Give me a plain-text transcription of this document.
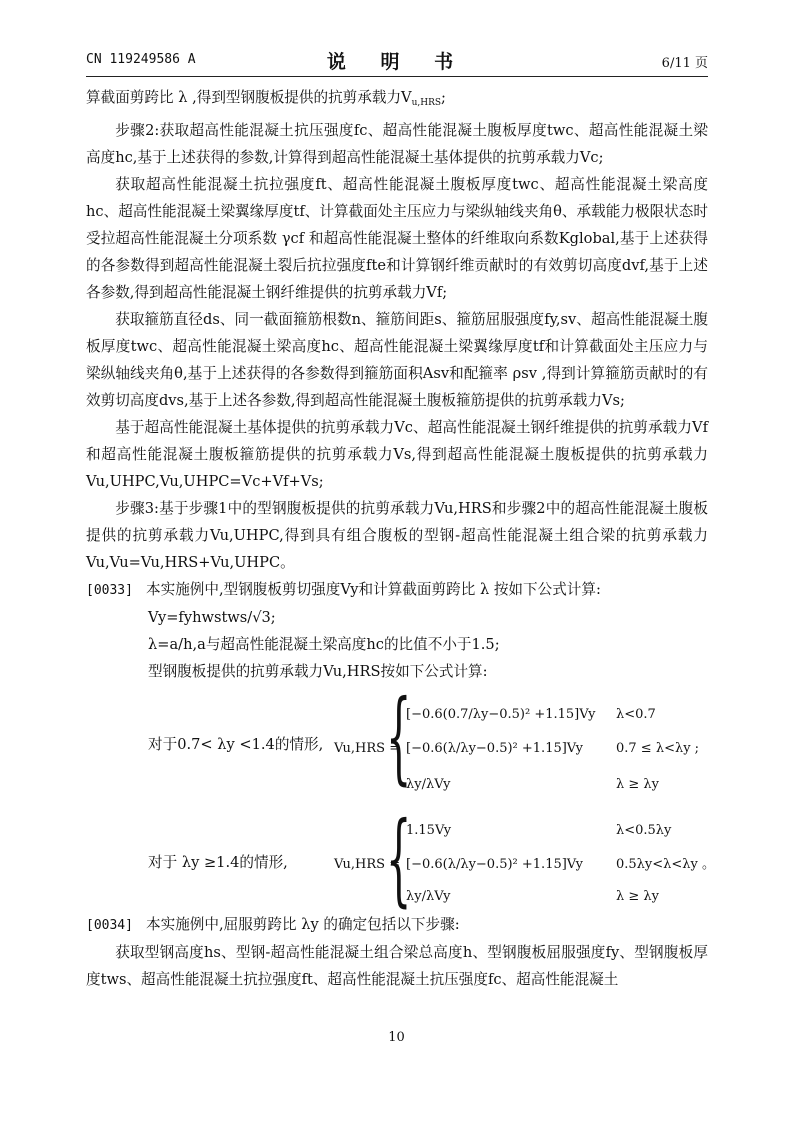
CN 119249586 A	说 明 书	6/11 页

算截面剪跨比 λ ,得到型钢腹板提供的抗剪承载力$V_{u,HRS}$;

步骤2:获取超高性能混凝土抗压强度fc、超高性能混凝土腹板厚度twc、超高性能混凝土梁高度hc,基于上述获得的参数,计算得到超高性能混凝土基体提供的抗剪承载力Vc;

获取超高性能混凝土抗拉强度ft、超高性能混凝土腹板厚度twc、超高性能混凝土梁高度hc、超高性能混凝土梁翼缘厚度tf、计算截面处主压应力与梁纵轴线夹角θ、承载能力极限状态时受拉超高性能混凝土分项系数 γcf 和超高性能混凝土整体的纤维取向系数Kglobal,基于上述获得的各参数得到超高性能混凝土裂后抗拉强度fte和计算钢纤维贡献时的有效剪切高度dvf,基于上述各参数,得到超高性能混凝土钢纤维提供的抗剪承载力Vf;

获取箍筋直径ds、同一截面箍筋根数n、箍筋间距s、箍筋屈服强度fy,sv、超高性能混凝土腹板厚度twc、超高性能混凝土梁高度hc、超高性能混凝土梁翼缘厚度tf和计算截面处主压应力与梁纵轴线夹角θ,基于上述获得的各参数得到箍筋面积Asv和配箍率 ρsv ,得到计算箍筋贡献时的有效剪切高度dvs,基于上述各参数,得到超高性能混凝土腹板箍筋提供的抗剪承载力Vs;

基于超高性能混凝土基体提供的抗剪承载力Vc、超高性能混凝土钢纤维提供的抗剪承载力Vf和超高性能混凝土腹板箍筋提供的抗剪承载力Vs,得到超高性能混凝土腹板提供的抗剪承载力Vu,UHPC,Vu,UHPC=Vc+Vf+Vs;

步骤3:基于步骤1中的型钢腹板提供的抗剪承载力Vu,HRS和步骤2中的超高性能混凝土腹板提供的抗剪承载力Vu,UHPC,得到具有组合腹板的型钢-超高性能混凝土组合梁的抗剪承载力Vu,Vu=Vu,HRS+Vu,UHPC。

[0033] 本实施例中,型钢腹板剪切强度Vy和计算截面剪跨比 λ 按如下公式计算:

Vy=fyhwstws/√3;

λ=a/h,a与超高性能混凝土梁高度hc的比值不小于1.5;

型钢腹板提供的抗剪承载力Vu,HRS按如下公式计算:

对于0.7< λy <1.4的情形, Vu,HRS =
{
[−0.6(0.7/λy−0.5)² +1.15]Vy λ<0.7
[−0.6(λ/λy−0.5)² +1.15]Vy	0.7 ≤ λ<λy ;
λy/λVy	λ ≥ λy
对于 λy ≥1.4的情形,	Vu,HRS =
{
1.15Vy	λ<0.5λy
[−0.6(λ/λy−0.5)² +1.15]Vy	0.5λy<λ<λy 。
λy/λVy	λ ≥ λy

[0034] 本实施例中,屈服剪跨比 λy 的确定包括以下步骤:

获取型钢高度hs、型钢-超高性能混凝土组合梁总高度h、型钢腹板屈服强度fy、型钢腹板厚度tws、超高性能混凝土抗拉强度ft、超高性能混凝土抗压强度fc、超高性能混凝土

10
